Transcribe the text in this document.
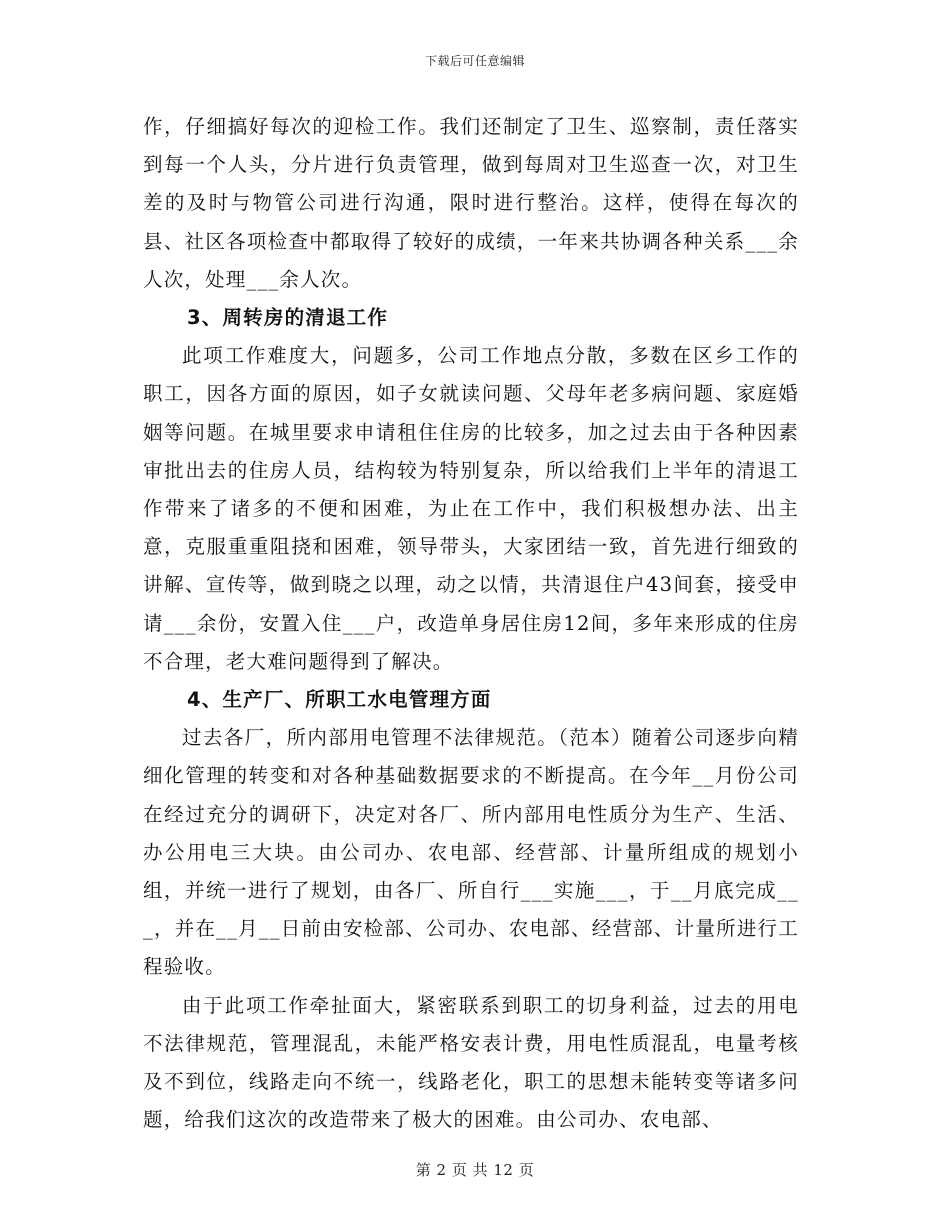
下载后可任意编辑

作，仔细搞好每次的迎检工作。我们还制定了卫生、巡察制，责任落实到每一个人头，分片进行负责管理，做到每周对卫生巡查一次，对卫生差的及时与物管公司进行沟通，限时进行整治。这样，使得在每次的县、社区各项检查中都取得了较好的成绩，一年来共协调各种关系___余人次，处理___余人次。

3、周转房的清退工作

此项工作难度大，问题多，公司工作地点分散，多数在区乡工作的职工，因各方面的原因，如子女就读问题、父母年老多病问题、家庭婚姻等问题。在城里要求申请租住住房的比较多，加之过去由于各种因素审批出去的住房人员，结构较为特别复杂，所以给我们上半年的清退工作带来了诸多的不便和困难，为止在工作中，我们积极想办法、出主意，克服重重阻挠和困难，领导带头，大家团结一致，首先进行细致的讲解、宣传等，做到晓之以理，动之以情，共清退住户43间套，接受申请___余份，安置入住___户，改造单身居住房12间，多年来形成的住房不合理，老大难问题得到了解决。

4、生产厂、所职工水电管理方面

过去各厂，所内部用电管理不法律规范。（范本）随着公司逐步向精细化管理的转变和对各种基础数据要求的不断提高。在今年__月份公司在经过充分的调研下，决定对各厂、所内部用电性质分为生产、生活、办公用电三大块。由公司办、农电部、经营部、计量所组成的规划小组，并统一进行了规划，由各厂、所自行___实施___，于__月底完成___，并在__月__日前由安检部、公司办、农电部、经营部、计量所进行工程验收。

由于此项工作牵扯面大，紧密联系到职工的切身利益，过去的用电不法律规范，管理混乱，未能严格安表计费，用电性质混乱，电量考核及不到位，线路走向不统一，线路老化，职工的思想未能转变等诸多问题，给我们这次的改造带来了极大的困难。由公司办、农电部、

第 2 页 共 12 页
